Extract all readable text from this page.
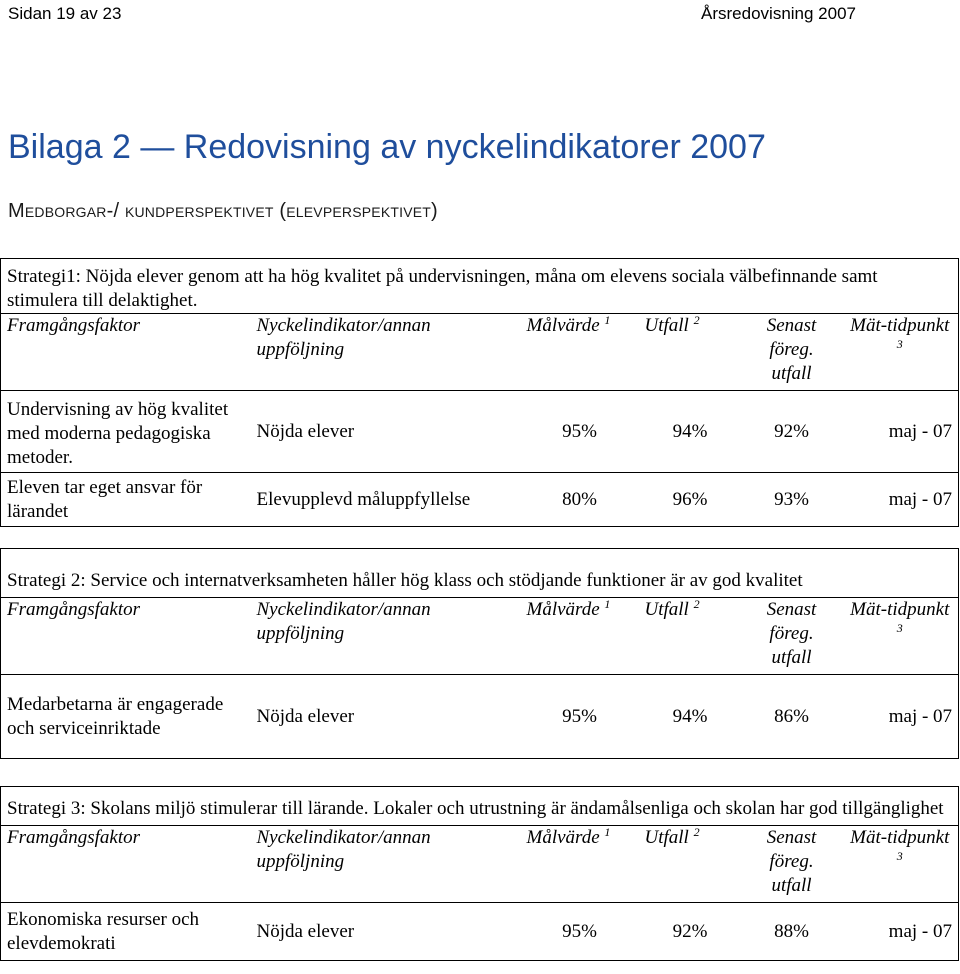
Sidan 19 av 23	Årsredovisning 2007
Bilaga 2 — Redovisning av nyckelindikatorer 2007
Medborgar-/ kundperspektivet (elevperspektivet)
Strategi1: Nöjda elever genom att ha hög kvalitet på undervisningen, måna om elevens sociala välbefinnande samt stimulera till delaktighet.					
Framgångsfaktor	Nyckelindikator/annan uppföljning	Målvärde $^1$	Utfall $^2$	Senast föreg. utfall	Mät-tidpunkt $^3$
Undervisning av hög kvalitet med moderna pedagogiska metoder.	Nöjda elever	95%	94%	92%	maj - 07
Eleven tar eget ansvar för lärandet	Elevupplevd måluppfyllelse	80%	96%	93%	maj - 07
Strategi 2: Service och internatverksamheten håller hög klass och stödjande funktioner är av god kvalitet					
Framgångsfaktor	Nyckelindikator/annan uppföljning	Målvärde $^1$	Utfall $^2$	Senast föreg. utfall	Mät-tidpunkt $^3$
Medarbetarna är engagerade och serviceinriktade	Nöjda elever	95%	94%	86%	maj - 07
Strategi 3: Skolans miljö stimulerar till lärande. Lokaler och utrustning är ändamålsenliga och skolan har god tillgänglighet					
Framgångsfaktor	Nyckelindikator/annan uppföljning	Målvärde $^1$	Utfall $^2$	Senast föreg. utfall	Mät-tidpunkt $^3$
Ekonomiska resurser och elevdemokrati	Nöjda elever	95%	92%	88%	maj - 07
